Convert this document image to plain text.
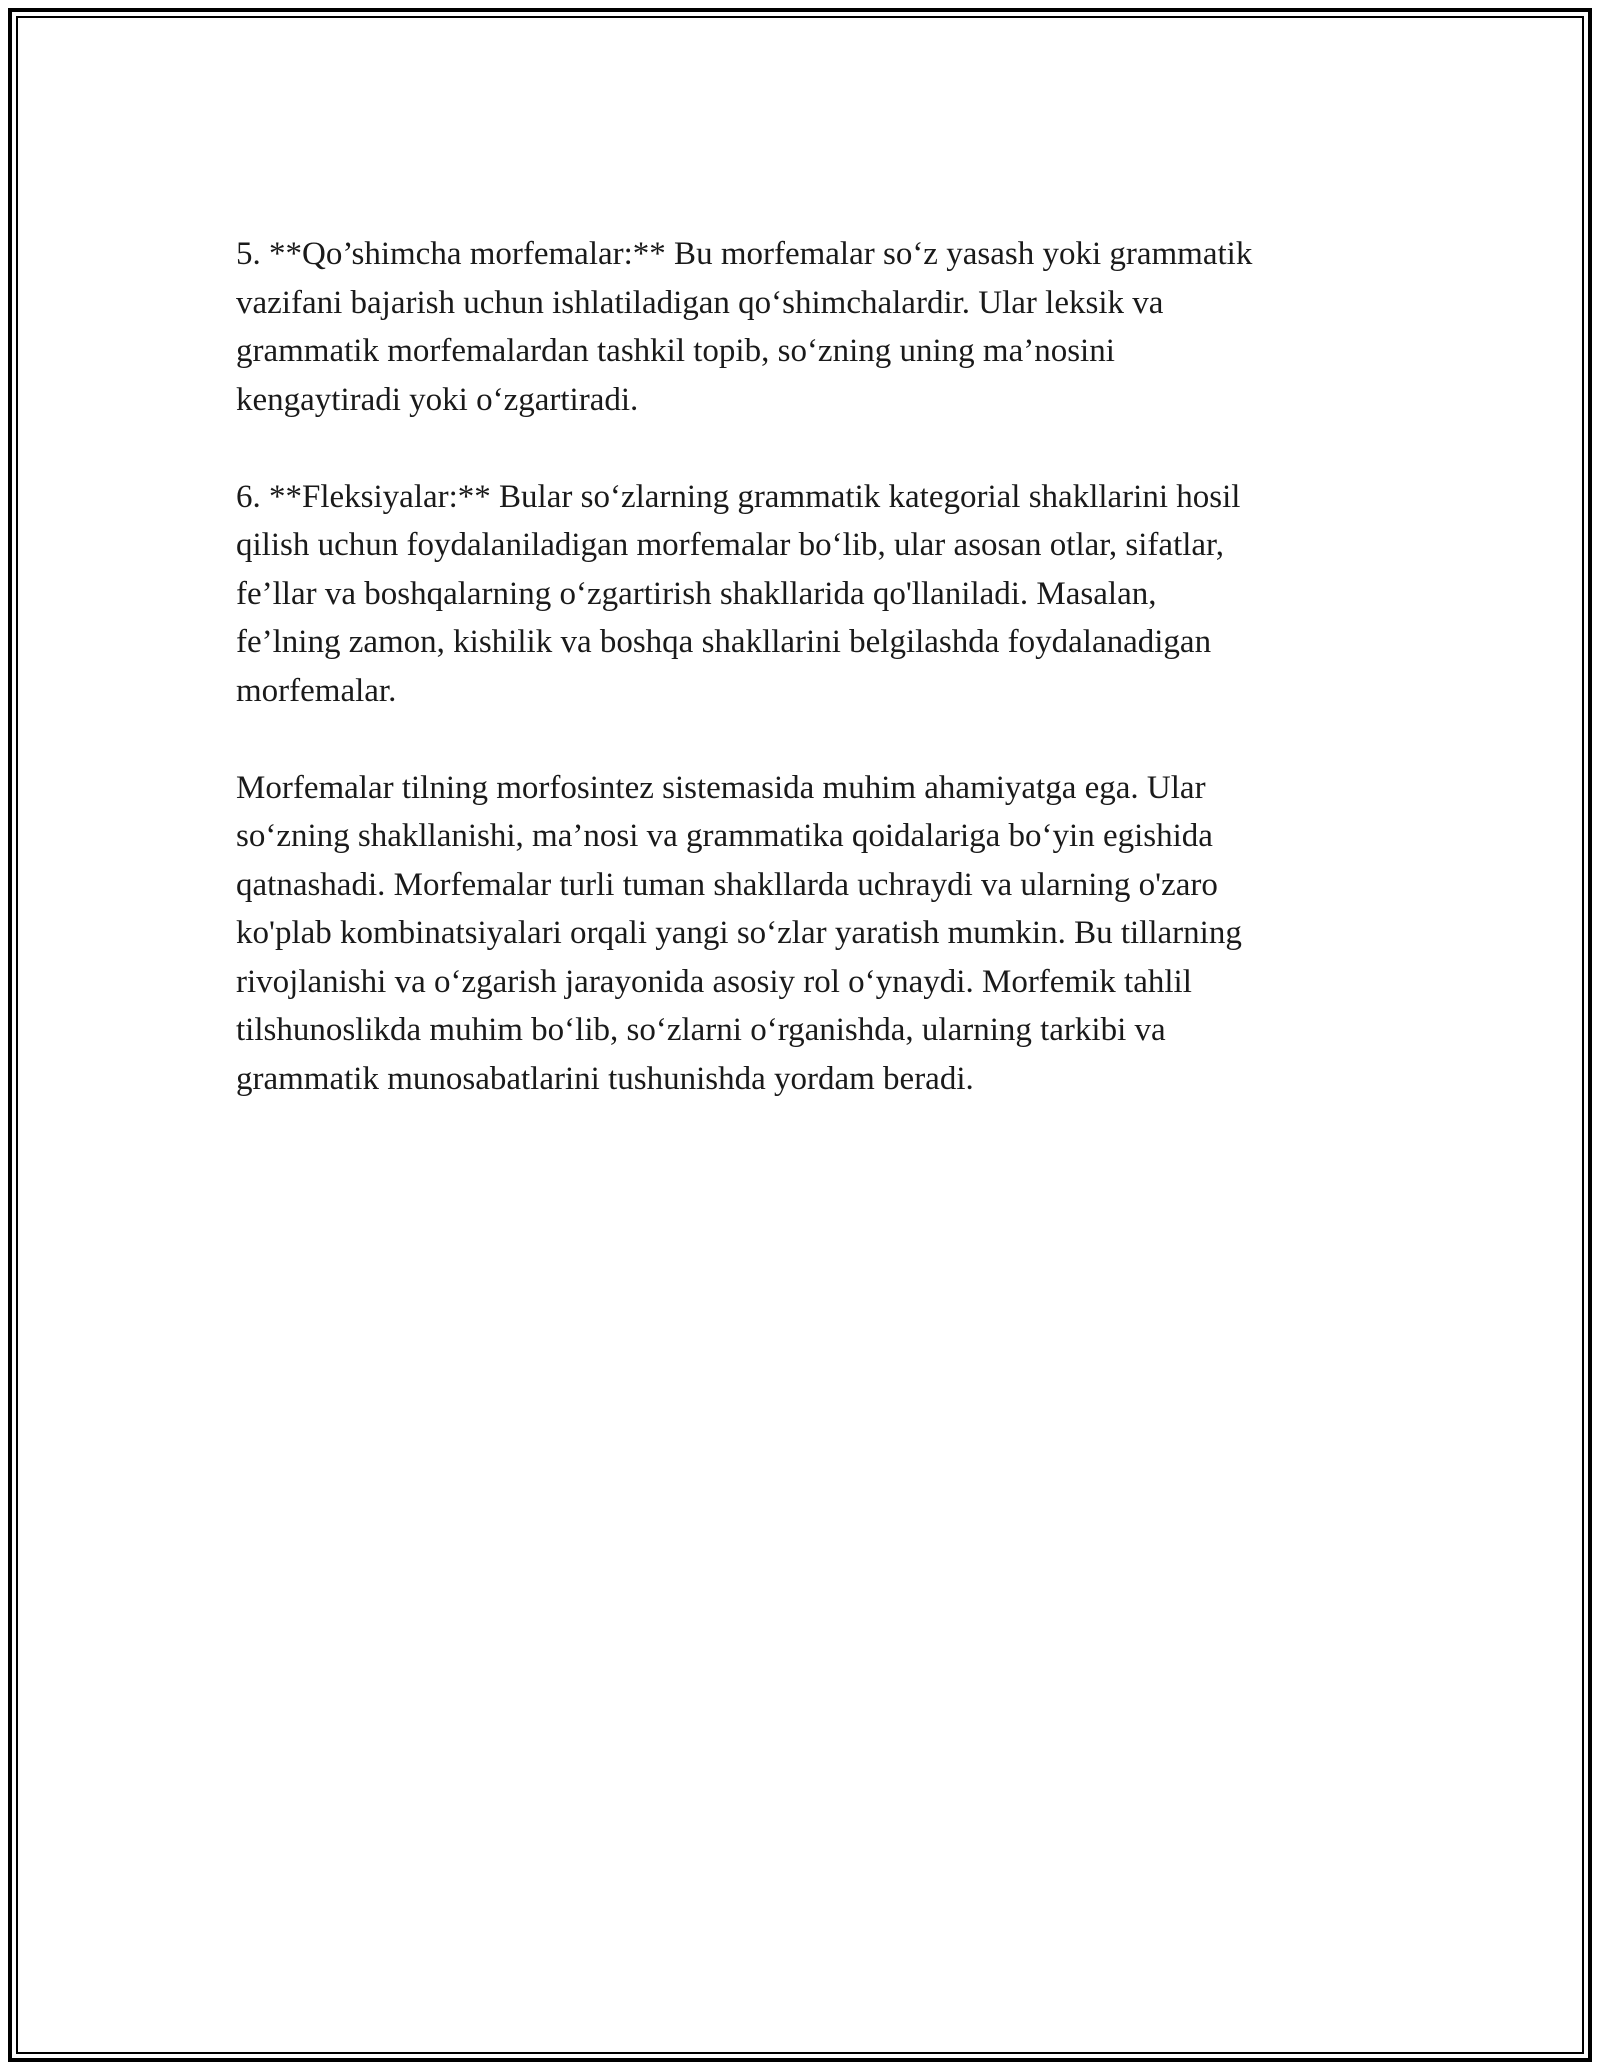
5. **Qo’shimcha morfemalar:** Bu morfemalar so‘z yasash yoki grammatik
vazifani bajarish uchun ishlatiladigan qo‘shimchalardir. Ular leksik va
grammatik morfemalardan tashkil topib, so‘zning uning ma’nosini
kengaytiradi yoki o‘zgartiradi.

6. **Fleksiyalar:** Bular so‘zlarning grammatik kategorial shakllarini hosil
qilish uchun foydalaniladigan morfemalar bo‘lib, ular asosan otlar, sifatlar,
fe’llar va boshqalarning o‘zgartirish shakllarida qo'llaniladi. Masalan,
fe’lning zamon, kishilik va boshqa shakllarini belgilashda foydalanadigan
morfemalar.

Morfemalar tilning morfosintez sistemasida muhim ahamiyatga ega. Ular
so‘zning shakllanishi, ma’nosi va grammatika qoidalariga bo‘yin egishida
qatnashadi. Morfemalar turli tuman shakllarda uchraydi va ularning o'zaro
ko'plab kombinatsiyalari orqali yangi so‘zlar yaratish mumkin. Bu tillarning
rivojlanishi va o‘zgarish jarayonida asosiy rol o‘ynaydi. Morfemik tahlil
tilshunoslikda muhim bo‘lib, so‘zlarni o‘rganishda, ularning tarkibi va
grammatik munosabatlarini tushunishda yordam beradi.
